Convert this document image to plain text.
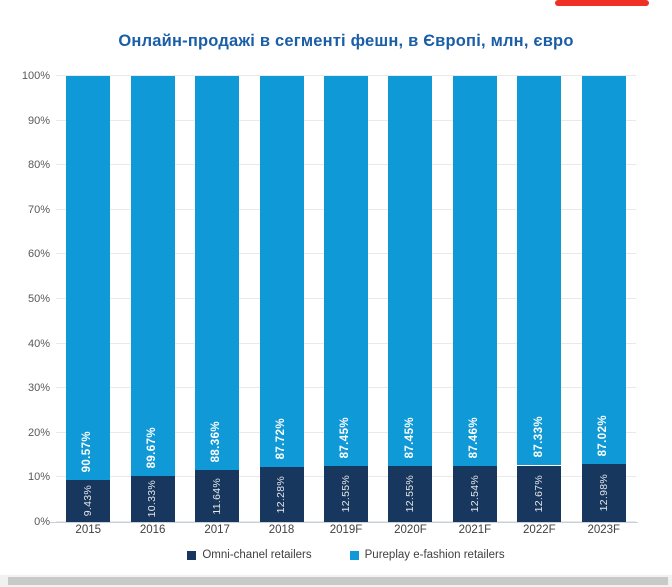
Онлайн-продажі в сегменті фешн, в Європі, млн, євро
0%
10%
20%
30%
40%
50%
60%
70%
80%
90%
100%
90.57%
9.43%
89.67%
10.33%
88.36%
11.64%
87.72%
12.28%
87.45%
12.55%
87.45%
12.55%
87.46%
12.54%
87.33%
12.67%
87.02%
12.98%
2015	2016	2017	2018	2019F	2020F	2021F	2022F	2023F
Omni-chanel retailers	Pureplay e-fashion retailers
